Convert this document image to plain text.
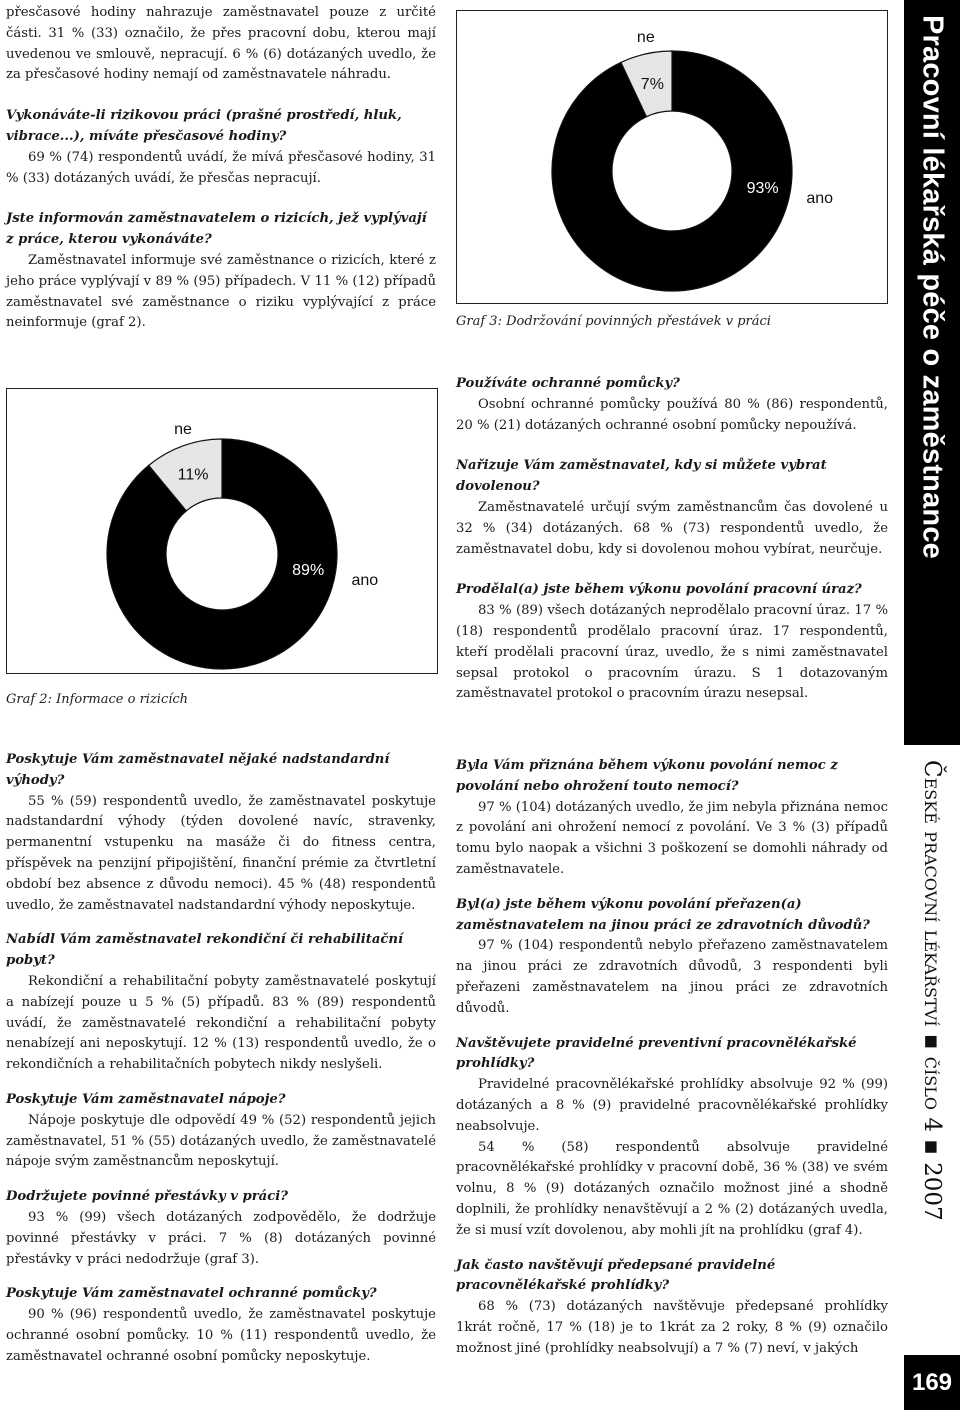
přesčasové hodiny nahrazuje zaměstnavatel pouze z určité části. 31 % (33) označilo, že přes pracovní dobu, kterou mají uvedenou ve smlouvě, nepracují. 6 % (6) dotázaných uvedlo, že za přesčasové hodiny nemají od zaměstnavatele náhradu.

Vykonáváte-li rizikovou práci (prašné prostředí, hluk, vibrace...), míváte přesčasové hodiny?

69 % (74) respondentů uvádí, že mívá přesčasové hodiny, 31 % (33) dotázaných uvádí, že přesčas nepracují.

Jste informován zaměstnavatelem o rizicích, jež vyplývají z práce, kterou vykonáváte?

Zaměstnavatel informuje své zaměstnance o rizicích, které z jeho práce vyplývají v 89 % (95) případech. V 11 % (12) případů zaměstnavatel své zaměstnance o riziku vyplývající z práce neinformuje (graf 2).

11%
ne
89%
ano
Graf 2: Informace o rizicích
Poskytuje Vám zaměstnavatel nějaké nadstandardní výhody?

55 % (59) respondentů uvedlo, že zaměstnavatel poskytuje nadstandardní výhody (týden dovolené navíc, stravenky, permanentní vstupenku na masáže či do fitness centra, příspěvek na penzijní připojištění, finanční prémie za čtvrtletní období bez absence z důvodu nemoci). 45 % (48) respondentů uvedlo, že zaměstnavatel nadstandardní výhody neposkytuje.

Nabídl Vám zaměstnavatel rekondiční či rehabilitační pobyt?

Rekondiční a rehabilitační pobyty zaměstnavatelé poskytují a nabízejí pouze u 5 % (5) případů. 83 % (89) respondentů uvádí, že zaměstnavatelé rekondiční a rehabilitační pobyty nenabízejí ani neposkytují. 12 % (13) respondentů uvedlo, že o rekondičních a rehabilitačních pobytech nikdy neslyšeli.

Poskytuje Vám zaměstnavatel nápoje?

Nápoje poskytuje dle odpovědí 49 % (52) respondentů jejich zaměstnavatel, 51 % (55) dotázaných uvedlo, že zaměstnavatelé nápoje svým zaměstnancům neposkytují.

Dodržujete povinné přestávky v práci?

93 % (99) všech dotázaných zodpovědělo, že dodržuje povinné přestávky v práci. 7 % (8) dotázaných povinné přestávky v práci nedodržuje (graf 3).

Poskytuje Vám zaměstnavatel ochranné pomůcky?

90 % (96) respondentů uvedlo, že zaměstnavatel poskytuje ochranné osobní pomůcky. 10 % (11) respondentů uvedlo, že zaměstnavatel ochranné osobní pomůcky neposkytuje.

7%
ne
93%
ano
Graf 3: Dodržování povinných přestávek v práci
Používáte ochranné pomůcky?

Osobní ochranné pomůcky používá 80 % (86) respondentů, 20 % (21) dotázaných ochranné osobní pomůcky nepoužívá.

Nařizuje Vám zaměstnavatel, kdy si můžete vybrat dovolenou?

Zaměstnavatelé určují svým zaměstnancům čas dovolené u 32 % (34) dotázaných. 68 % (73) respondentů uvedlo, že zaměstnavatel dobu, kdy si dovolenou mohou vybírat, neurčuje.

Prodělal(a) jste během výkonu povolání pracovní úraz?

83 % (89) všech dotázaných neprodělalo pracovní úraz. 17 % (18) respondentů prodělalo pracovní úraz. 17 respondentů, kteří prodělali pracovní úraz, uvedlo, že s nimi zaměstnavatel sepsal protokol o pracovním úrazu. S 1 dotazovaným zaměstnavatel protokol o pracovním úrazu nesepsal.

Byla Vám přiznána během výkonu povolání nemoc z povolání nebo ohrožení touto nemocí?

97 % (104) dotázaných uvedlo, že jim nebyla přiznána nemoc z povolání ani ohrožení nemocí z povolání. Ve 3 % (3) případů tomu bylo naopak a všichni 3 poškození se domohli náhrady od zaměstnavatele.

Byl(a) jste během výkonu povolání přeřazen(a) zaměstnavatelem na jinou práci ze zdravotních důvodů?

97 % (104) respondentů nebylo přeřazeno zaměstnavatelem na jinou práci ze zdravotních důvodů, 3 respondenti byli přeřazeni zaměstnavatelem na jinou práci ze zdravotních důvodů.

Navštěvujete pravidelné preventivní pracovnělékařské prohlídky?

Pravidelné pracovnělékařské prohlídky absolvuje 92 % (99) dotázaných a 8 % (9) pravidelné pracovnělékařské prohlídky neabsolvuje.

54 % (58) respondentů absolvuje pravidelné pracovnělékařské prohlídky v pracovní době, 36 % (38) ve svém volnu, 8 % (9) dotázaných označilo možnost jiné a shodně doplnili, že prohlídky nenavštěvují a 2 % (2) dotázaných uvedla, že si musí vzít dovolenou, aby mohli jít na prohlídku (graf 4).

Jak často navštěvují předepsané pravidelné pracovnělékařské prohlídky?

68 % (73) dotázaných navštěvuje předepsané prohlídky 1krát ročně, 17 % (18) je to 1krát za 2 roky, 8 % (9) označilo možnost jiné (prohlídky neabsolvují) a 7 % (7) neví, v jakých

Pracovní lékařská péče o zaměstnance
České pracovní lékařství ▪ číslo 4 ▪ 2007
169
